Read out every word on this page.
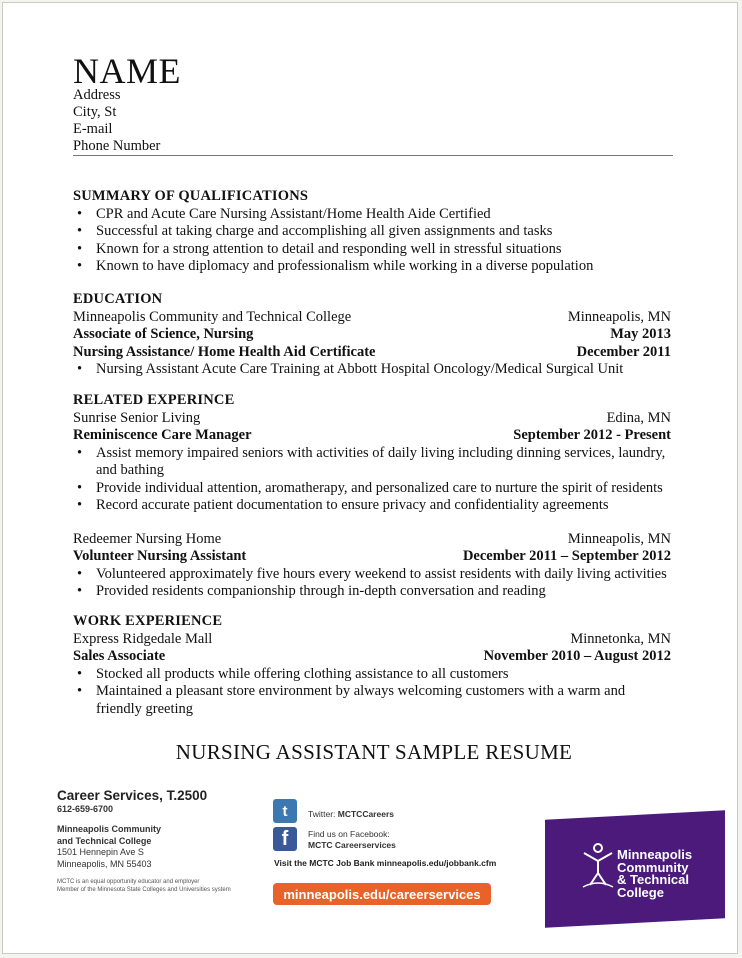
NAME
Address
City, St
E-mail
Phone Number
SUMMARY OF QUALIFICATIONS
• CPR and Acute Care Nursing Assistant/Home Health Aide Certified
• Successful at taking charge and accomplishing all given assignments and tasks
• Known for a strong attention to detail and responding well in stressful situations
• Known to have diplomacy and professionalism while working in a diverse population
EDUCATION
Minneapolis Community and Technical College	Minneapolis, MN
Associate of Science, Nursing	May 2013
Nursing Assistance/ Home Health Aid Certificate	December 2011
• Nursing Assistant Acute Care Training at Abbott Hospital Oncology/Medical Surgical Unit
RELATED EXPERINCE
Sunrise Senior Living	Edina, MN
Reminiscence Care Manager	September 2012 - Present
• Assist memory impaired seniors with activities of daily living including dinning services, laundry, and bathing
• Provide individual attention, aromatherapy, and personalized care to nurture the spirit of residents
• Record accurate patient documentation to ensure privacy and confidentiality agreements
Redeemer Nursing Home	Minneapolis, MN
Volunteer Nursing Assistant	December 2011 – September 2012
• Volunteered approximately five hours every weekend to assist residents with daily living activities
• Provided residents companionship through in-depth conversation and reading
WORK EXPERIENCE
Express Ridgedale Mall	Minnetonka, MN
Sales Associate	November 2010 – August 2012
• Stocked all products while offering clothing assistance to all customers
• Maintained a pleasant store environment by always welcoming customers with a warm and friendly greeting
NURSING ASSISTANT SAMPLE RESUME
Career Services, T.2500
612-659-6700
Minneapolis Community
and Technical College
1501 Hennepin Ave S
Minneapolis, MN 55403
MCTC is an equal opportunity educator and employer
Member of the Minnesota State Colleges and Universities system
t	Twitter: MCTCCareers
f	Find us on Facebook:
MCTC Careerservices
Visit the MCTC Job Bank minneapolis.edu/jobbank.cfm
minneapolis.edu/careerservices
Minneapolis
Community
& Technical
College
